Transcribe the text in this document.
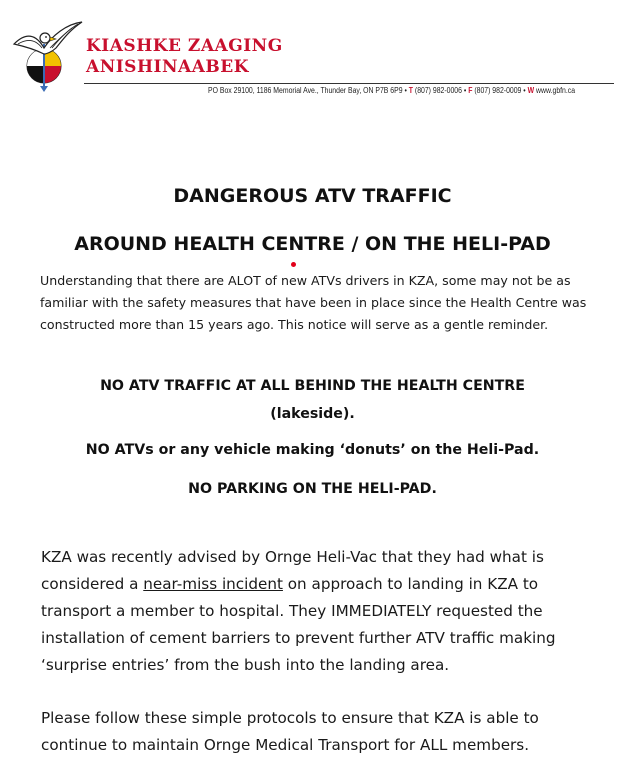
KIASHKE ZAAGING
ANISHINAABEK
PO Box 29100, 1186 Memorial Ave., Thunder Bay, ON P7B 6P9 • T (807) 982-0006 • F (807) 982-0009 • W www.gbfn.ca
DANGEROUS ATV TRAFFIC
AROUND HEALTH CENTRE / ON THE HELI-PAD
Understanding that there are ALOT of new ATVs drivers in KZA, some may not be as familiar with the safety measures that have been in place since the Health Centre was constructed more than 15 years ago. This notice will serve as a gentle reminder.
NO ATV TRAFFIC AT ALL BEHIND THE HEALTH CENTRE
(lakeside).
NO ATVs or any vehicle making ‘donuts’ on the Heli-Pad.
NO PARKING ON THE HELI-PAD.
KZA was recently advised by Ornge Heli-Vac that they had what is considered a near-miss incident on approach to landing in KZA to transport a member to hospital. They IMMEDIATELY requested the installation of cement barriers to prevent further ATV traffic making ‘surprise entries’ from the bush into the landing area.
Please follow these simple protocols to ensure that KZA is able to continue to maintain Ornge Medical Transport for ALL members.
